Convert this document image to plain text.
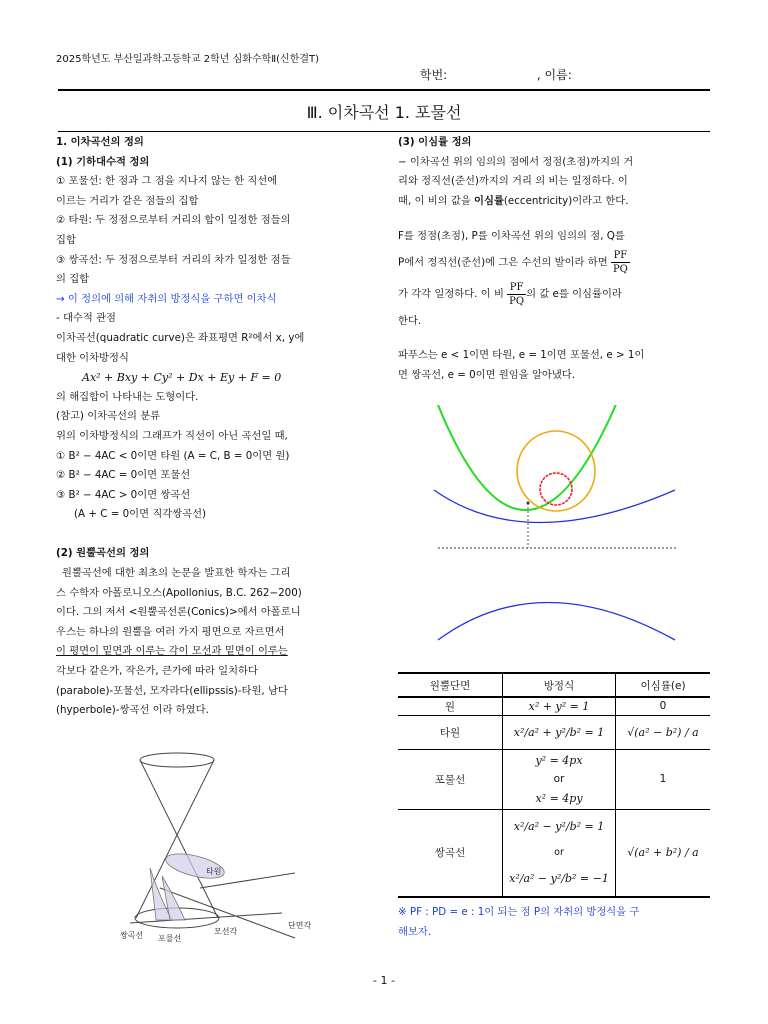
2025학년도 부산일과학고등학교 2학년 심화수학Ⅱ(신한결T)
학번:	, 이름:
Ⅲ. 이차곡선 1. 포물선

1. 이차곡선의 정의

(1) 기하대수적 정의

① 포물선: 한 점과 그 점을 지나지 않는 한 직선에

이르는 거리가 같은 점들의 집합

② 타원: 두 정점으로부터 거리의 합이 일정한 점들의

집합

③ 쌍곡선: 두 정점으로부터 거리의 차가 일정한 점들

의 집합

→ 이 정의에 의해 자취의 방정식을 구하면 이차식

- 대수적 관점

이차곡선(quadratic curve)은 좌표평면 R²에서 x, y에

대한 이차방정식

Ax² + Bxy + Cy² + Dx + Ey + F = 0

의 해집합이 나타내는 도형이다.

(참고) 이차곡선의 분류

위의 이차방정식의 그래프가 직선이 아닌 곡선일 때,

① B² − 4AC < 0이면 타원 (A = C, B = 0이면 원)

② B² − 4AC = 0이면 포물선

③ B² − 4AC > 0이면 쌍곡선

(A + C = 0이면 직각쌍곡선)

(2) 원뿔곡선의 정의

원뿔곡선에 대한 최초의 논문을 발표한 학자는 그리

스 수학자 아폴로니오스(Apollonius, B.C. 262−200)

이다. 그의 저서 <원뿔곡선론(Conics)>에서 아폴로니

우스는 하나의 원뿔을 여러 가지 평면으로 자르면서

이 평면이 밑면과 이루는 각이 모선과 밑면이 이루는

각보다 같은가, 작은가, 큰가에 따라 일치하다

(parabole)-포물선, 모자라다(ellipssis)-타원, 남다

(hyperbole)-쌍곡선 이라 하였다.

타원
쌍곡선 포물선
모선각
단면각

(3) 이심률 정의

− 이차곡선 위의 임의의 점에서 정점(초점)까지의 거

리와 정직선(준선)까지의 거리 의 비는 일정하다. 이

때, 이 비의 값을 이심률(eccentricity)이라고 한다.

F를 정점(초점), P를 이차곡선 위의 임의의 점, Q를

P에서 정직선(준선)에 그은 수선의 발이라 하면 $\frac{PF}{PQ}$

가 각각 일정하다. 이 비 $\frac{PF}{PQ}$ 의 값 e를 이심률이라

한다.

파푸스는 e < 1이면 타원, e = 1이면 포물선, e > 1이

면 쌍곡선, e = 0이면 원임을 알아냈다.

원뿔단면	방정식	이심률(e)
원	x² + y² = 1	0
타원	x²/a² + y²/b² = 1	√(a² − b²) / a
포물선	y² = 4px
or
x² = 4py	1
쌍곡선	x²/a² − y²/b² = 1
or
x²/a² − y²/b² = −1	√(a² + b²) / a

※ PF : PD = e : 1이 되는 점 P의 자취의 방정식을 구

해보자.

- 1 -
